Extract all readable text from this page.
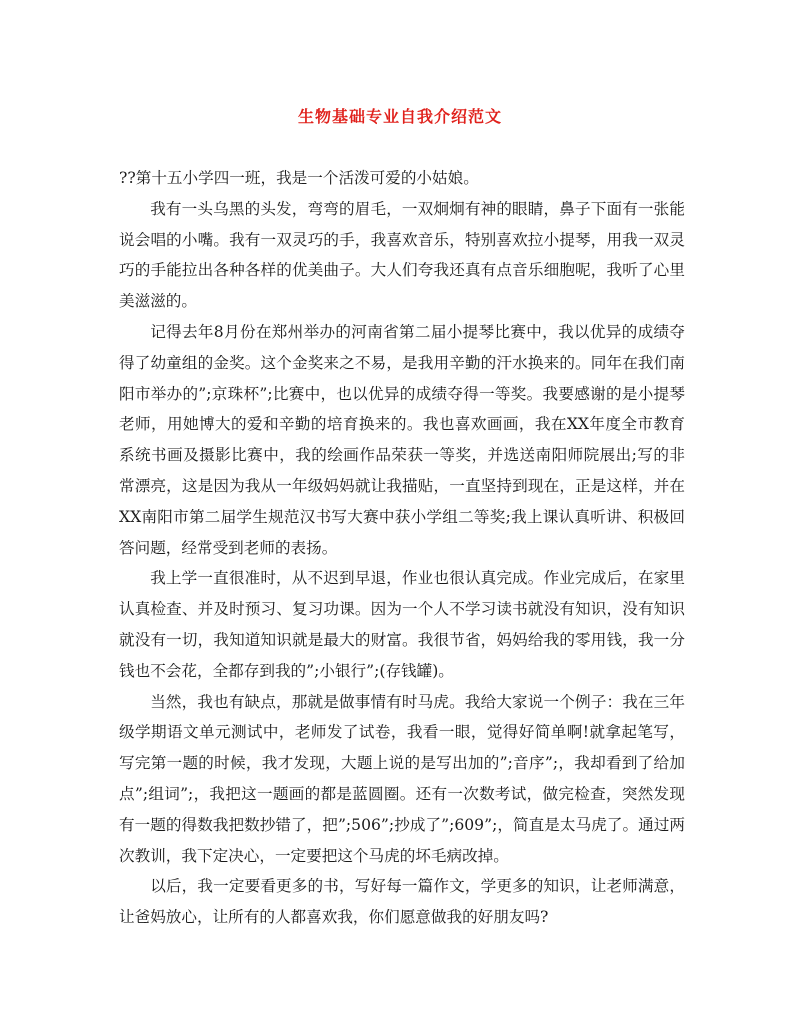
生物基础专业自我介绍范文

??第十五小学四一班，我是一个活泼可爱的小姑娘。

我有一头乌黑的头发，弯弯的眉毛，一双炯炯有神的眼睛，鼻子下面有一张能说会唱的小嘴。我有一双灵巧的手，我喜欢音乐，特别喜欢拉小提琴，用我一双灵巧的手能拉出各种各样的优美曲子。大人们夸我还真有点音乐细胞呢，我听了心里美滋滋的。

记得去年8月份在郑州举办的河南省第二届小提琴比赛中，我以优异的成绩夺得了幼童组的金奖。这个金奖来之不易，是我用辛勤的汗水换来的。同年在我们南阳市举办的”;京珠杯”;比赛中，也以优异的成绩夺得一等奖。我要感谢的是小提琴老师，用她博大的爱和辛勤的培育换来的。我也喜欢画画，我在XX年度全市教育系统书画及摄影比赛中，我的绘画作品荣获一等奖，并选送南阳师院展出;写的非常漂亮，这是因为我从一年级妈妈就让我描贴，一直坚持到现在，正是这样，并在XX南阳市第二届学生规范汉书写大赛中获小学组二等奖;我上课认真听讲、积极回答问题，经常受到老师的表扬。

我上学一直很准时，从不迟到早退，作业也很认真完成。作业完成后，在家里认真检查、并及时预习、复习功课。因为一个人不学习读书就没有知识，没有知识就没有一切，我知道知识就是最大的财富。我很节省，妈妈给我的零用钱，我一分钱也不会花，全都存到我的”;小银行”;(存钱罐)。

当然，我也有缺点，那就是做事情有时马虎。我给大家说一个例子：我在三年级学期语文单元测试中，老师发了试卷，我看一眼，觉得好简单啊!就拿起笔写，写完第一题的时候，我才发现，大题上说的是写出加的”;音序”;，我却看到了给加点”;组词”;，我把这一题画的都是蓝圆圈。还有一次数考试，做完检查，突然发现有一题的得数我把数抄错了，把”;506”;抄成了”;609”;，简直是太马虎了。通过两次教训，我下定决心，一定要把这个马虎的坏毛病改掉。

以后，我一定要看更多的书，写好每一篇作文，学更多的知识，让老师满意，让爸妈放心，让所有的人都喜欢我，你们愿意做我的好朋友吗?
